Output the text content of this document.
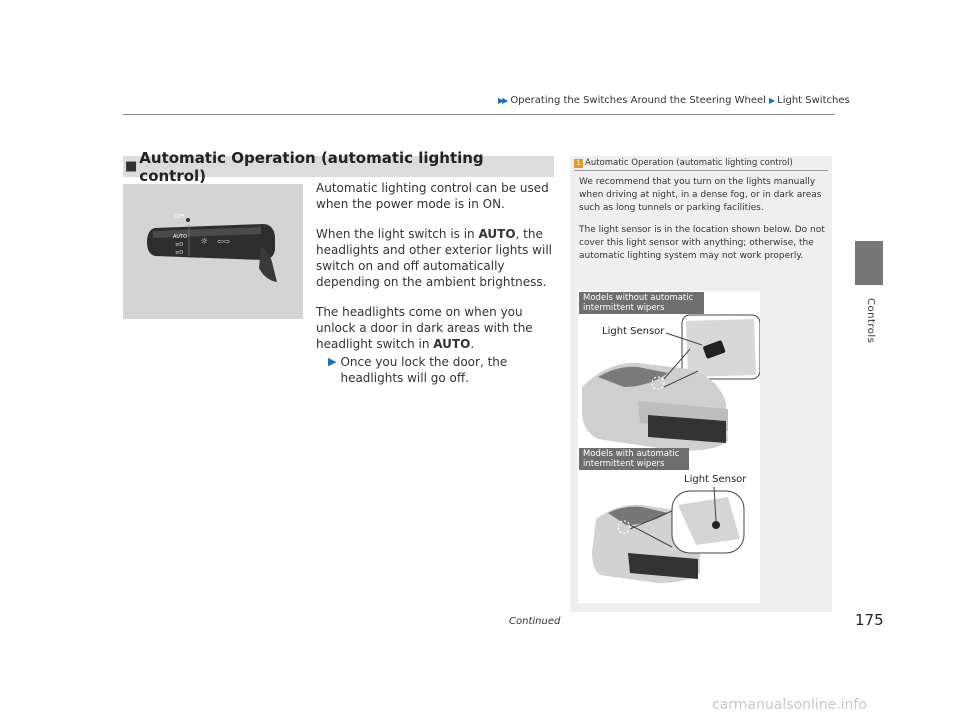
▶▶ Operating the Switches Around the Steering Wheel ▶ Light Switches
Controls
■ Automatic Operation (automatic lighting control)
OFF
AUTO
≡D
≡D
☼ ⇦⇨

Automatic lighting control can be used when the power mode is in ON.

When the light switch is in AUTO, the headlights and other exterior lights will switch on and off automatically depending on the ambient brightness.

The headlights come on when you unlock a door in dark areas with the headlight switch in AUTO.

▶ Once you lock the door, the headlights will go off.
1 Automatic Operation (automatic lighting control)

We recommend that you turn on the lights manually when driving at night, in a dense fog, or in dark areas such as long tunnels or parking facilities.

The light sensor is in the location shown below. Do not cover this light sensor with anything; otherwise, the automatic lighting system may not work properly.

Models without automatic intermittent wipers
Light Sensor
Models with automatic intermittent wipers
Light Sensor
Continued	175
carmanualsonline.info
